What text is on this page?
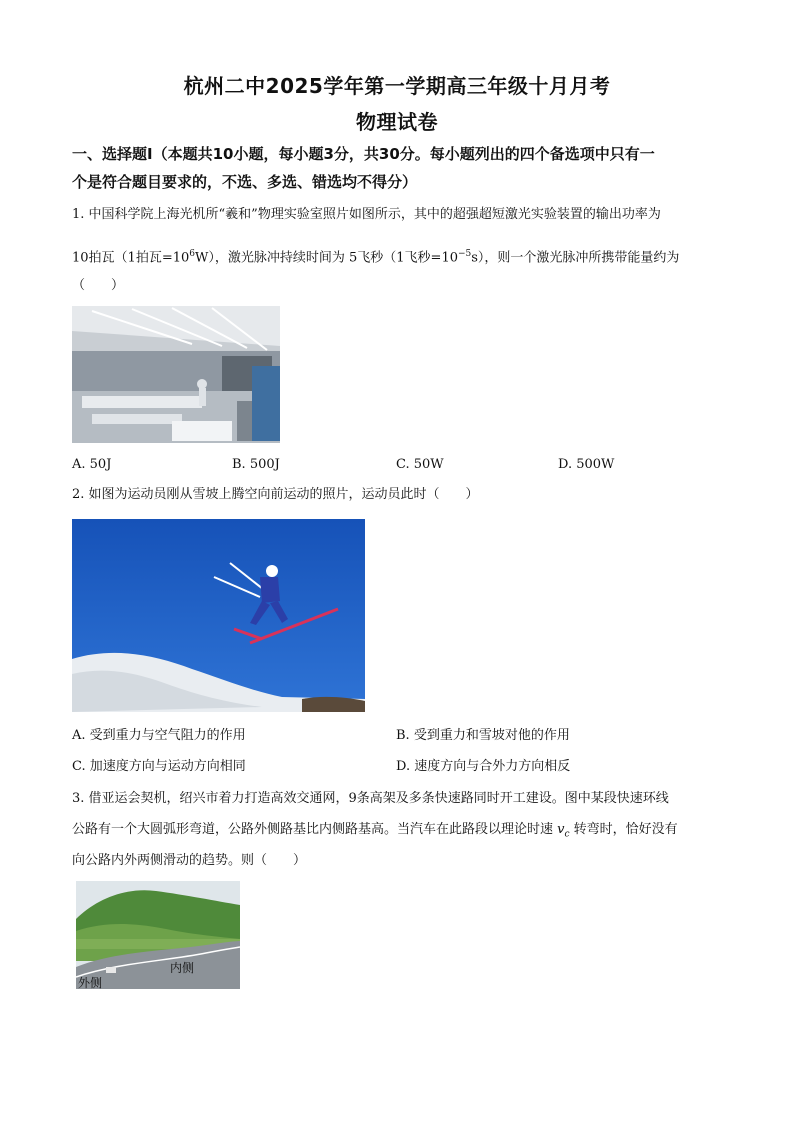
杭州二中2025学年第一学期高三年级十月月考
物理试卷
一、选择题Ⅰ（本题共10小题，每小题3分，共30分。每小题列出的四个备选项中只有一
个是符合题目要求的，不选、多选、错选均不得分）
1. 中国科学院上海光机所“羲和”物理实验室照片如图所示，其中的超强超短激光实验装置的输出功率为
10拍瓦（1拍瓦$=10^6W$），激光脉冲持续时间为 5飞秒（1飞秒$=10^{-5}s$），则一个激光脉冲所携带能量约为
（　　）
A. 50J	B. 500J	C. 50W	D. 500W
2. 如图为运动员刚从雪坡上腾空向前运动的照片，运动员此时（　　）
A. 受到重力与空气阻力的作用	B. 受到重力和雪坡对他的作用
C. 加速度方向与运动方向相同	D. 速度方向与合外力方向相反
3. 借亚运会契机，绍兴市着力打造高效交通网，9条高架及多条快速路同时开工建设。图中某段快速环线
公路有一个大圆弧形弯道，公路外侧路基比内侧路基高。当汽车在此路段以理论时速 $v_c$ 转弯时，恰好没有
向公路内外两侧滑动的趋势。则（　　）
内侧
外侧
